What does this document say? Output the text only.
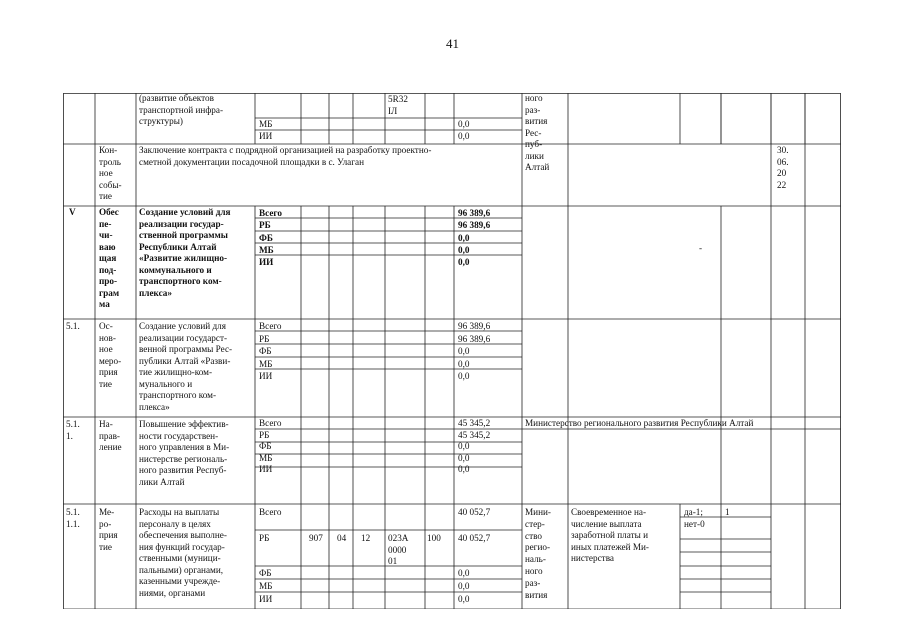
41
(развитие объектов
транспортной инфра-
структуры)	МБ
ИИ
5R32
IЛ
0,0
0,0
ного
раз-
вития
Рес-
пуб-
лики
Алтай
Кон-
троль
ное
собы-
тие
Заключение контракта с подрядной организацией на разработку проектно-
сметной документации посадочной площадки в с. Улаган
30.
06.
20
22
V	Обес
пе-
чи-
ваю
щая
под-
про-
грам
ма
Создание условий для
реализации государ-
ственной программы
Республики Алтай
«Развитие жилищно-
коммунального и
транспортного ком-
плекса»
Всего
РБ
ФБ
МБ
ИИ
96 389,6
96 389,6
0,0
0,0
0,0
-
5.1. Ос-
нов-
ное
меро-
прия
тие
Создание условий для
реализации государст-
венной программы Рес-
публики Алтай «Разви-
тие жилищно-ком-
мунального и
транспортного ком-
плекса»
Всего
РБ
ФБ
МБ
ИИ
96 389,6
96 389,6
0,0
0,0
0,0
5.1.
1.
На-
прав-
ление
Повышение эффектив-
ности государствен-
ного управления в Ми-
нистерстве региональ-
ного развития Респуб-
лики Алтай
Всего
РБ
ФБ
МБ
ИИ
45 345,2
45 345,2
0,0
0,0
0,0
Министерство регионального развития Республики Алтай
5.1.
1.1.
Ме-
ро-
прия
тие
Расходы на выплаты
персоналу в целях
обеспечения выполне-
ния функций государ-
ственными (муници-
пальными) органами,
казенными учрежде-
ниями, органами
Всего
РБ
ФБ
МБ
ИИ
907 04 12 023А
0000
01
100
40 052,7
40 052,7
0,0
0,0
0,0
Мини-
стер-
ство
регио-
наль-
ного
раз-
вития
Своевременное на-
числение выплата
заработной платы и
иных платежей Ми-
нистерства
да-1;
нет-0
1
